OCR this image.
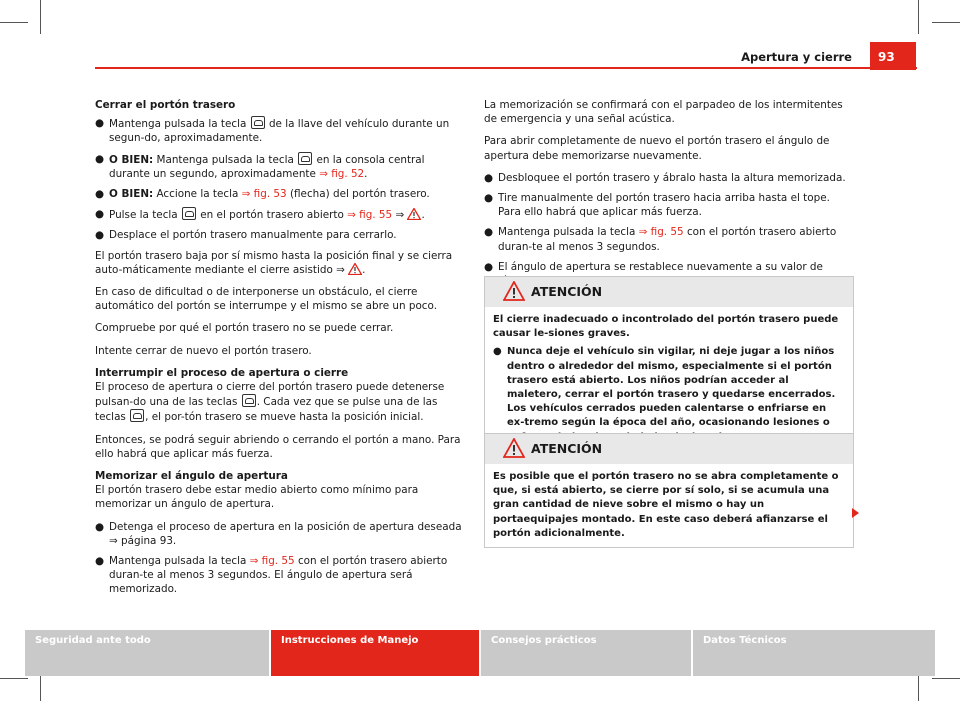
Apertura y cierre	93

Cerrar el portón trasero

● Mantenga pulsada la tecla  de la llave del vehículo durante un segun-do, aproximadamente.
● O BIEN: Mantenga pulsada la tecla  en la consola central durante un segundo, aproximadamente ⇒ fig. 52.
● O BIEN: Accione la tecla ⇒ fig. 53 (flecha) del portón trasero.
● Pulse la tecla  en el portón trasero abierto ⇒ fig. 55 ⇒ .
● Desplace el portón trasero manualmente para cerrarlo.

El portón trasero baja por sí mismo hasta la posición final y se cierra auto-máticamente mediante el cierre asistido ⇒ .

En caso de dificultad o de interponerse un obstáculo, el cierre automático del portón se interrumpe y el mismo se abre un poco.

Compruebe por qué el portón trasero no se puede cerrar.

Intente cerrar de nuevo el portón trasero.

Interrumpir el proceso de apertura o cierre

El proceso de apertura o cierre del portón trasero puede detenerse pulsan-do una de las teclas . Cada vez que se pulse una de las teclas , el por-tón trasero se mueve hasta la posición inicial.

Entonces, se podrá seguir abriendo o cerrando el portón a mano. Para ello habrá que aplicar más fuerza.

Memorizar el ángulo de apertura

El portón trasero debe estar medio abierto como mínimo para memorizar un ángulo de apertura.

● Detenga el proceso de apertura en la posición de apertura deseada ⇒ página 93.
● Mantenga pulsada la tecla ⇒ fig. 55 con el portón trasero abierto duran-te al menos 3 segundos. El ángulo de apertura será memorizado.

La memorización se confirmará con el parpadeo de los intermitentes de emergencia y una señal acústica.

Para abrir completamente de nuevo el portón trasero el ángulo de apertura debe memorizarse nuevamente.

● Desbloquee el portón trasero y ábralo hasta la altura memorizada.
● Tire manualmente del portón trasero hacia arriba hasta el tope. Para ello habrá que aplicar más fuerza.
● Mantenga pulsada la tecla ⇒ fig. 55 con el portón trasero abierto duran-te al menos 3 segundos.
● El ángulo de apertura se restablece nuevamente a su valor de
ATENCIÓN

El cierre inadecuado o incontrolado del portón trasero puede causar le-siones graves.

● Nunca deje el vehículo sin vigilar, ni deje jugar a los niños dentro o alrededor del mismo, especialmente si el portón trasero está abierto. Los niños podrían acceder al maletero, cerrar el portón trasero y quedarse encerrados. Los vehículos cerrados pueden calentarse o enfriarse en ex-tremo según la época del año, ocasionando lesiones o
ATENCIÓN

Es posible que el portón trasero no se abra completamente o que, si está abierto, se cierre por sí solo, si se acumula una gran cantidad de nieve sobre el mismo o hay un portaequipajes montado. En este caso deberá afianzarse el portón adicionalmente.

Seguridad ante todo	Instrucciones de Manejo	Consejos prácticos	Datos Técnicos
